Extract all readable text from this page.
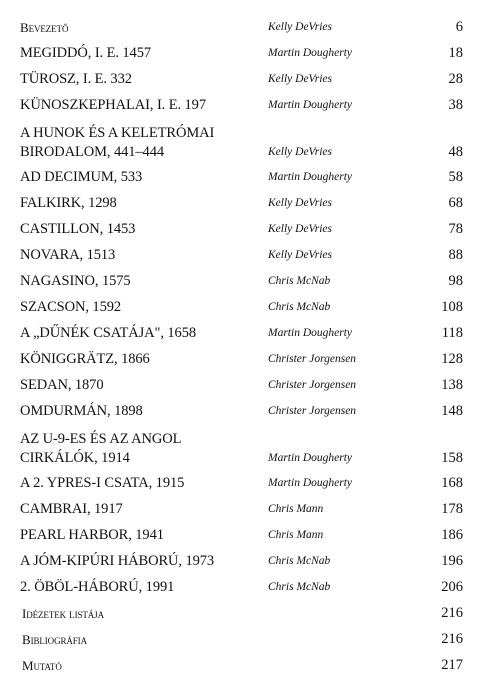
Bevezető	Kelly DeVries	6
MEGIDDÓ, I. E. 1457	Martin Dougherty	18
TÜROSZ, I. E. 332	Kelly DeVries	28
KÜNOSZKEPHALAI, I. E. 197	Martin Dougherty	38
A HUNOK ÉS A KELETRÓMAI
BIRODALOM, 441–444	Kelly DeVries	48
AD DECIMUM, 533	Martin Dougherty	58
FALKIRK, 1298	Kelly DeVries	68
CASTILLON, 1453	Kelly DeVries	78
NOVARA, 1513	Kelly DeVries	88
NAGASINO, 1575	Chris McNab	98
SZACSON, 1592	Chris McNab	108
A „DŰNÉK CSATÁJA", 1658	Martin Dougherty	118
KÖNIGGRÄTZ, 1866	Christer Jorgensen	128
SEDAN, 1870	Christer Jorgensen	138
OMDURMÁN, 1898	Christer Jorgensen	148
AZ U-9-ES ÉS AZ ANGOL
CIRKÁLÓK, 1914	Martin Dougherty	158
A 2. YPRES-I CSATA, 1915	Martin Dougherty	168
CAMBRAI, 1917	Chris Mann	178
PEARL HARBOR, 1941	Chris Mann	186
A JÓM-KIPÚRI HÁBORÚ, 1973	Chris McNab	196
2. ÖBÖL-HÁBORÚ, 1991	Chris McNab	206
Idézetek listája	216
Bibliográfia	216
Mutató	217
